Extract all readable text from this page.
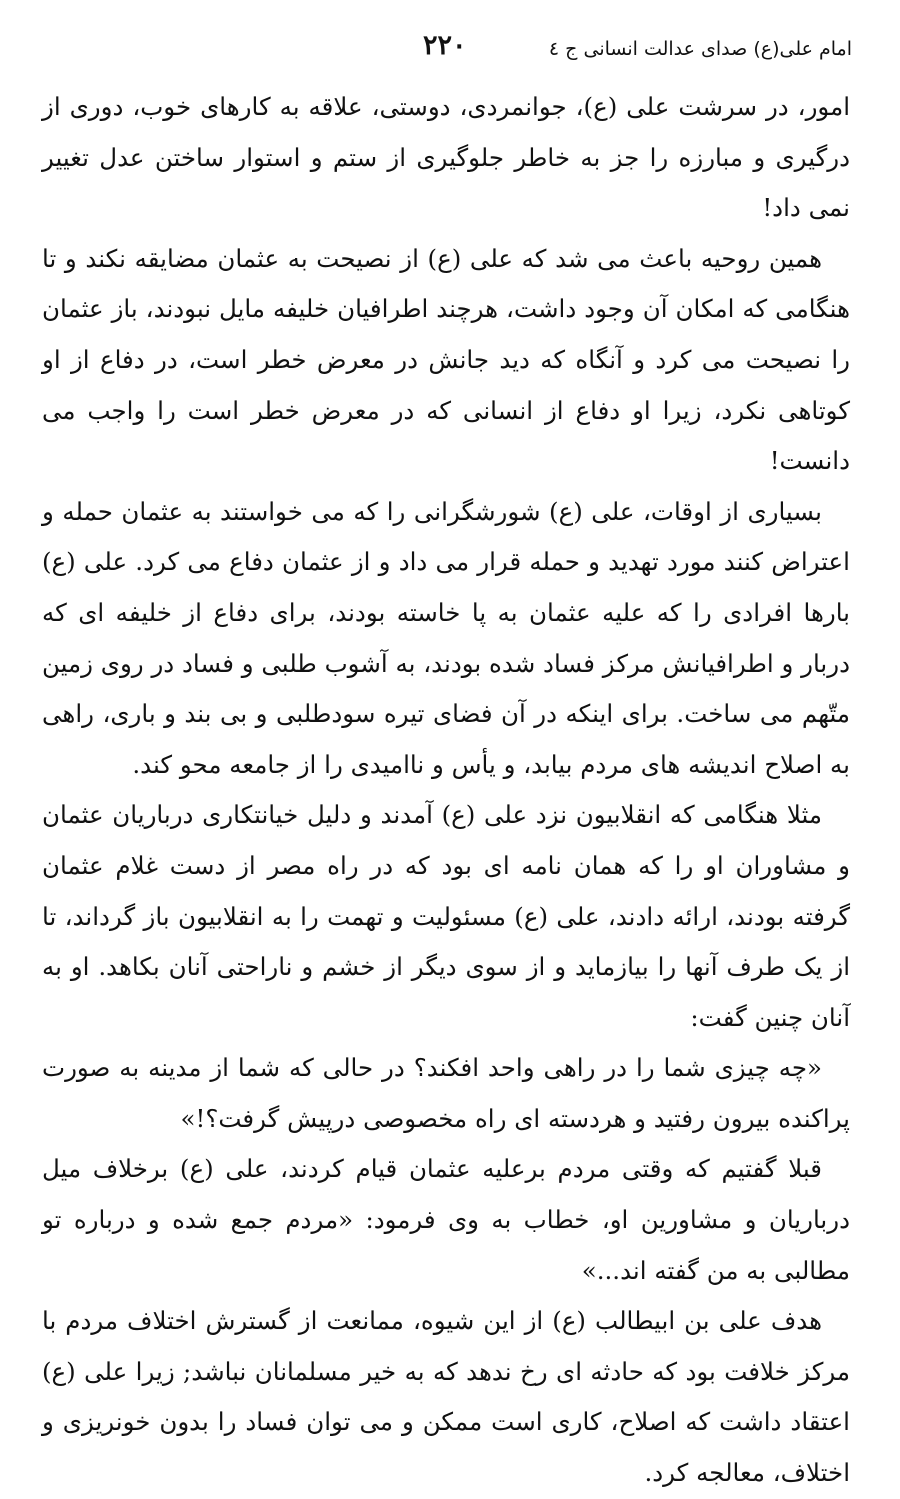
امام علی(ع) صدای عدالت انسانی ج ٤
٢٢٠

امور، در سرشت علی (ع)، جوانمردی، دوستی، علاقه به کارهای خوب، دوری از درگیری و مبارزه را جز به خاطر جلوگیری از ستم و استوار ساختن عدل تغییر نمی داد!

همین روحیه باعث می شد که علی (ع) از نصیحت به عثمان مضایقه نکند و تا هنگامی که امکان آن وجود داشت، هرچند اطرافیان خلیفه مایل نبودند، باز عثمان را نصیحت می کرد و آنگاه که دید جانش در معرض خطر است، در دفاع از او کوتاهی نکرد، زیرا او دفاع از انسانی که در معرض خطر است را واجب می دانست!

بسیاری از اوقات، علی (ع) شورشگرانی را که می خواستند به عثمان حمله و اعتراض کنند مورد تهدید و حمله قرار می داد و از عثمان دفاع می کرد. علی (ع) بارها افرادی را که علیه عثمان به پا خاسته بودند، برای دفاع از خلیفه ای که دربار و اطرافیانش مرکز فساد شده بودند، به آشوب طلبی و فساد در روی زمین متّهم می ساخت. برای اینکه در آن فضای تیره سودطلبی و بی بند و باری، راهی به اصلاح اندیشه های مردم بیابد، و یأس و ناامیدی را از جامعه محو کند.

مثلا هنگامی که انقلابیون نزد علی (ع) آمدند و دلیل خیانتکاری درباریان عثمان و مشاوران او را که همان نامه ای بود که در راه مصر از دست غلام عثمان گرفته بودند، ارائه دادند، علی (ع) مسئولیت و تهمت را به انقلابیون باز گرداند، تا از یک طرف آنها را بیازماید و از سوی دیگر از خشم و ناراحتی آنان بکاهد. او به آنان چنین گفت:

«چه چیزی شما را در راهی واحد افکند؟ در حالی که شما از مدینه به صورت پراکنده بیرون رفتید و هردسته ای راه مخصوصی درپیش گرفت؟!»

قبلا گفتیم که وقتی مردم برعلیه عثمان قیام کردند، علی (ع) برخلاف میل درباریان و مشاورین او، خطاب به وی فرمود: «مردم جمع شده و درباره تو مطالبی به من گفته اند...»

هدف علی بن ابیطالب (ع) از این شیوه، ممانعت از گسترش اختلاف مردم با مرکز خلافت بود که حادثه ای رخ ندهد که به خیر مسلمانان نباشد; زیرا علی (ع) اعتقاد داشت که اصلاح، کاری است ممکن و می توان فساد را بدون خونریزی و اختلاف، معالجه کرد.
